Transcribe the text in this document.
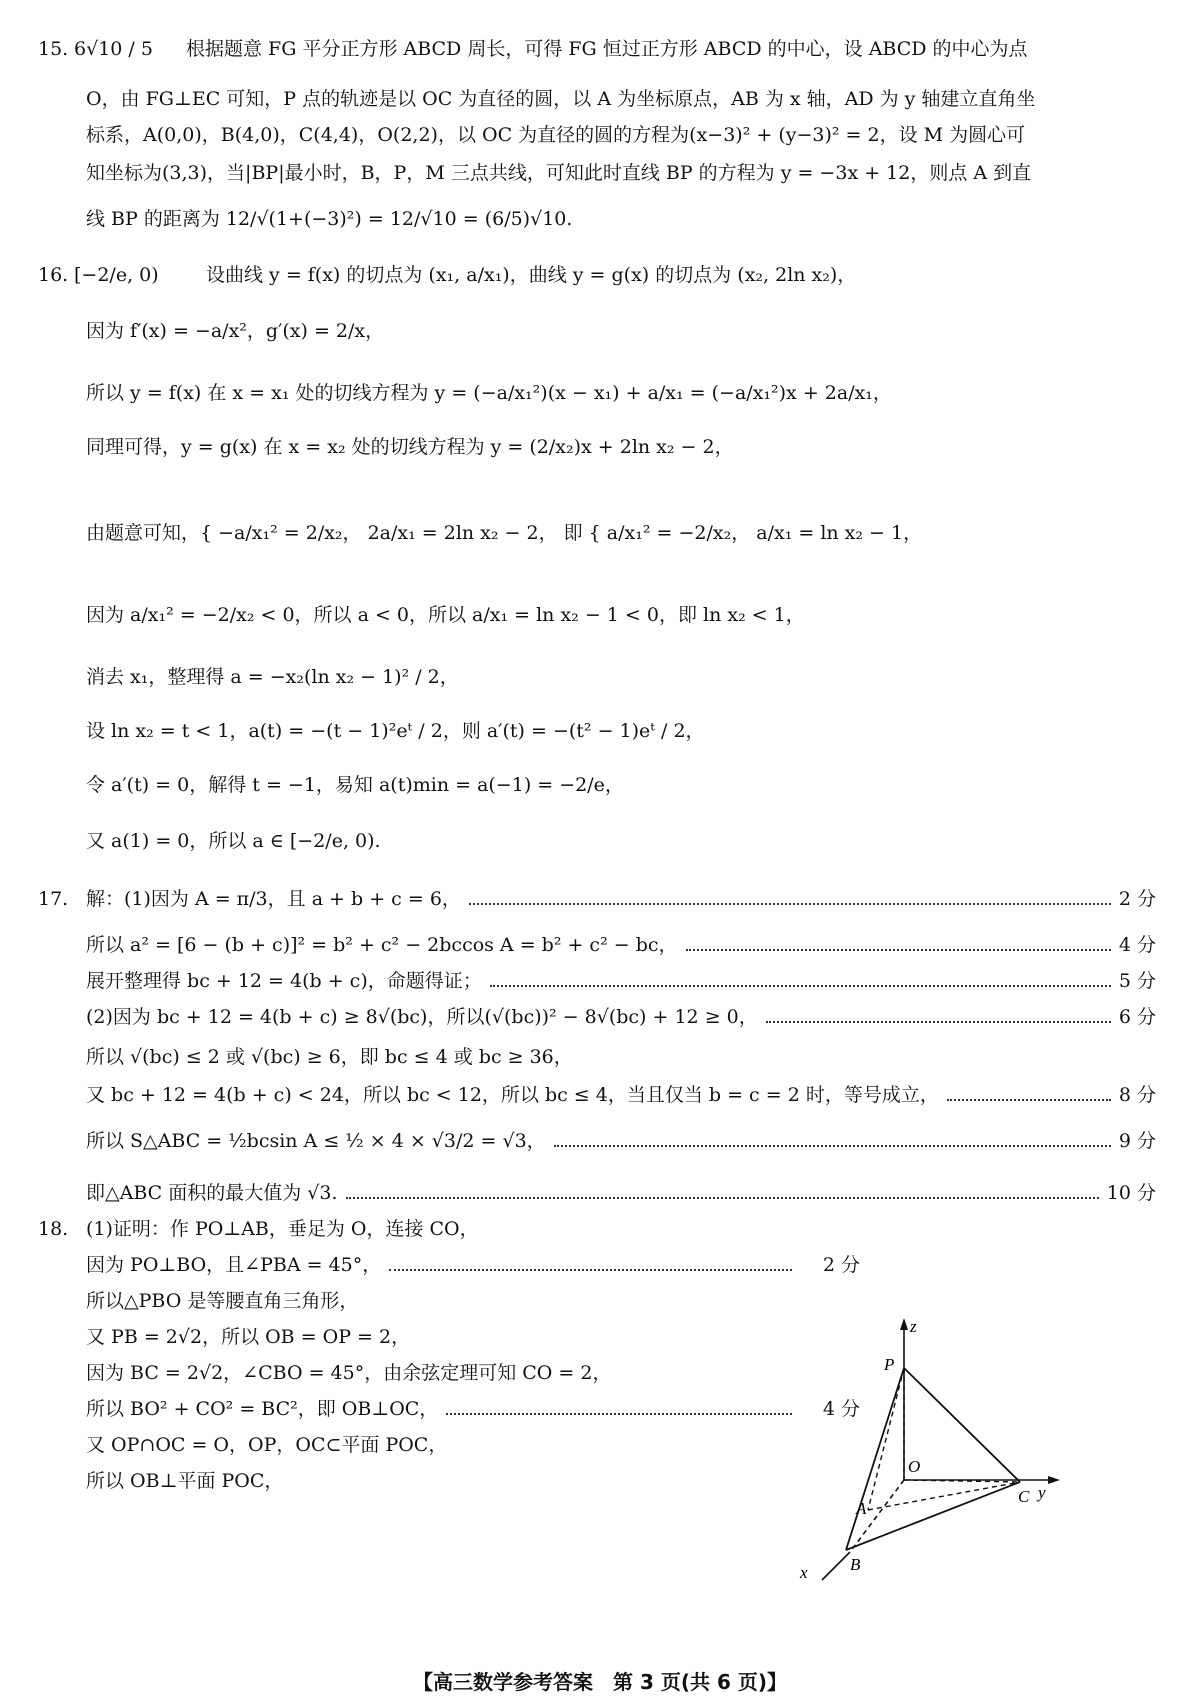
15. 6√10 / 5 根据题意 FG 平分正方形 ABCD 周长，可得 FG 恒过正方形 ABCD 的中心，设 ABCD 的中心为点
O，由 FG⊥EC 可知，P 点的轨迹是以 OC 为直径的圆，以 A 为坐标原点，AB 为 x 轴，AD 为 y 轴建立直角坐
标系，A(0,0)，B(4,0)，C(4,4)，O(2,2)，以 OC 为直径的圆的方程为(x−3)² + (y−3)² = 2，设 M 为圆心可
知坐标为(3,3)，当|BP|最小时，B，P，M 三点共线，可知此时直线 BP 的方程为 y = −3x + 12，则点 A 到直
线 BP 的距离为 12/√(1+(−3)²) = 12/√10 = (6/5)√10.
16. [−2/e, 0) 设曲线 y = f(x) 的切点为 (x₁, a/x₁)，曲线 y = g(x) 的切点为 (x₂, 2ln x₂)，
因为 f′(x) = −a/x²，g′(x) = 2/x，
所以 y = f(x) 在 x = x₁ 处的切线方程为 y = (−a/x₁²)(x − x₁) + a/x₁ = (−a/x₁²)x + 2a/x₁，
同理可得，y = g(x) 在 x = x₂ 处的切线方程为 y = (2/x₂)x + 2ln x₂ − 2，
由题意可知，{ −a/x₁² = 2/x₂， 2a/x₁ = 2ln x₂ − 2， 即 { a/x₁² = −2/x₂， a/x₁ = ln x₂ − 1，
因为 a/x₁² = −2/x₂ < 0，所以 a < 0，所以 a/x₁ = ln x₂ − 1 < 0，即 ln x₂ < 1，
消去 x₁，整理得 a = −x₂(ln x₂ − 1)² / 2，
设 ln x₂ = t < 1，a(t) = −(t − 1)²eᵗ / 2，则 a′(t) = −(t² − 1)eᵗ / 2，
令 a′(t) = 0，解得 t = −1，易知 a(t)min = a(−1) = −2/e，
又 a(1) = 0，所以 a ∈ [−2/e, 0).
17. 解：(1)因为 A = π/3，且 a + b + c = 6，	2 分
所以 a² = [6 − (b + c)]² = b² + c² − 2bccos A = b² + c² − bc，	4 分
展开整理得 bc + 12 = 4(b + c)，命题得证；	5 分
(2)因为 bc + 12 = 4(b + c) ≥ 8√(bc)，所以(√(bc))² − 8√(bc) + 12 ≥ 0，	6 分
所以 √(bc) ≤ 2 或 √(bc) ≥ 6，即 bc ≤ 4 或 bc ≥ 36，
又 bc + 12 = 4(b + c) < 24，所以 bc < 12，所以 bc ≤ 4，当且仅当 b = c = 2 时，等号成立，	8 分
所以 S△ABC = ½bcsin A ≤ ½ × 4 × √3/2 = √3，	9 分
即△ABC 面积的最大值为 √3.	10 分
18. (1)证明：作 PO⊥AB，垂足为 O，连接 CO，
因为 PO⊥BO，且∠PBA = 45°，	2 分
所以△PBO 是等腰直角三角形，
又 PB = 2√2，所以 OB = OP = 2，
因为 BC = 2√2，∠CBO = 45°，由余弦定理可知 CO = 2，
所以 BO² + CO² = BC²，即 OB⊥OC，	4 分
又 OP∩OC = O，OP，OC⊂平面 POC，
所以 OB⊥平面 POC，
z
y
x
P
O
A
C
B
【高三数学参考答案　第 3 页(共 6 页)】
